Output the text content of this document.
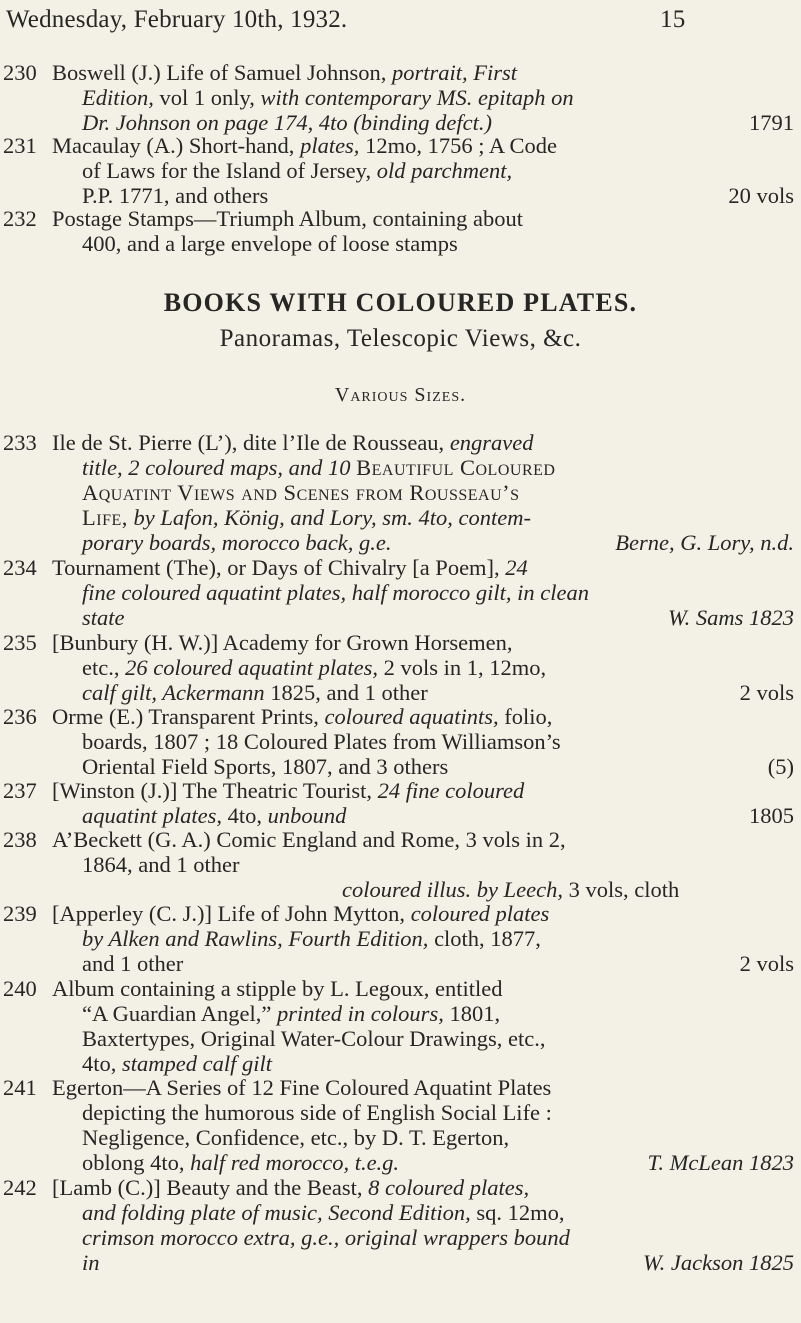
Wednesday, February 10th, 1932.	15
230 Boswell (J.) Life of Samuel Johnson, portrait, First
Edition, vol 1 only, with contemporary MS. epitaph on
Dr. Johnson on page 174, 4to (binding defct.)	1791
231 Macaulay (A.) Short-hand, plates, 12mo, 1756 ; A Code
of Laws for the Island of Jersey, old parchment,
P.P. 1771, and others	20 vols
232 Postage Stamps—Triumph Album, containing about
400, and a large envelope of loose stamps
BOOKS WITH COLOURED PLATES.
Panoramas, Telescopic Views, &c.
Various Sizes.
233 Ile de St. Pierre (L’), dite l’Ile de Rousseau, engraved
title, 2 coloured maps, and 10 Beautiful Coloured
Aquatint Views and Scenes from Rousseau’s
Life, by Lafon, König, and Lory, sm. 4to, contem-
porary boards, morocco back, g.e.	Berne, G. Lory, n.d.
234 Tournament (The), or Days of Chivalry [a Poem], 24
fine coloured aquatint plates, half morocco gilt, in clean
state	W. Sams 1823
235 [Bunbury (H. W.)] Academy for Grown Horsemen,
etc., 26 coloured aquatint plates, 2 vols in 1, 12mo,
calf gilt, Ackermann 1825, and 1 other	2 vols
236 Orme (E.) Transparent Prints, coloured aquatints, folio,
boards, 1807 ; 18 Coloured Plates from Williamson’s
Oriental Field Sports, 1807, and 3 others	(5)
237 [Winston (J.)] The Theatric Tourist, 24 fine coloured
aquatint plates, 4to, unbound	1805
238 A’Beckett (G. A.) Comic England and Rome, 3 vols in 2,
1864, and 1 other
coloured illus. by Leech, 3 vols, cloth
239 [Apperley (C. J.)] Life of John Mytton, coloured plates
by Alken and Rawlins, Fourth Edition, cloth, 1877,
and 1 other	2 vols
240 Album containing a stipple by L. Legoux, entitled
“A Guardian Angel,” printed in colours, 1801,
Baxtertypes, Original Water-Colour Drawings, etc.,
4to, stamped calf gilt
241 Egerton—A Series of 12 Fine Coloured Aquatint Plates
depicting the humorous side of English Social Life :
Negligence, Confidence, etc., by D. T. Egerton,
oblong 4to, half red morocco, t.e.g.	T. McLean 1823
242 [Lamb (C.)] Beauty and the Beast, 8 coloured plates,
and folding plate of music, Second Edition, sq. 12mo,
crimson morocco extra, g.e., original wrappers bound
in	W. Jackson 1825
